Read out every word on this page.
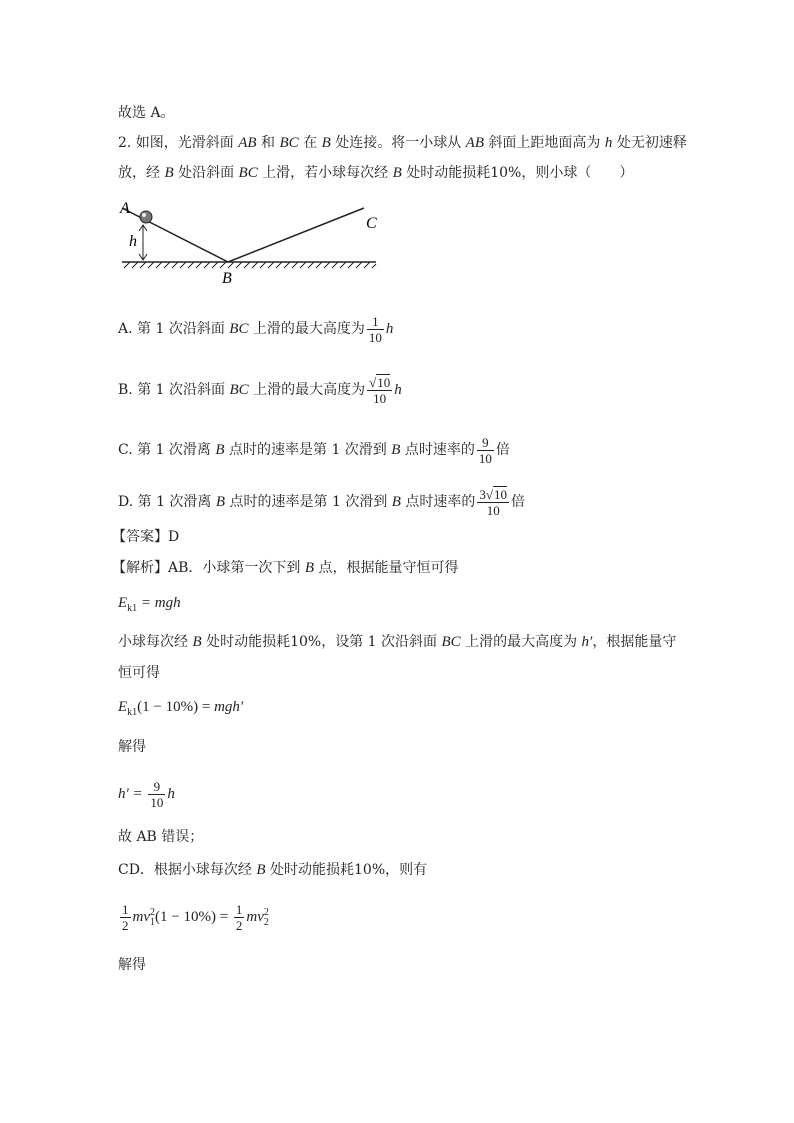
故选 A。
2. 如图，光滑斜面 AB 和 BC 在 B 处连接。将一小球从 AB 斜面上距地面高为 h 处无初速释
放，经 B 处沿斜面 BC 上滑，若小球每次经 B 处时动能损耗10%，则小球（　　）
A
h
B
C
A. 第 1 次沿斜面 BC 上滑的最大高度为 $\frac{1}{10}$ h
B. 第 1 次沿斜面 BC 上滑的最大高度为 $\frac{√10}{10}$ h
C. 第 1 次滑离 B 点时的速率是第 1 次滑到 B 点时速率的 $\frac{9}{10}$ 倍
D. 第 1 次滑离 B 点时的速率是第 1 次滑到 B 点时速率的 $\frac{3√10}{10}$ 倍
【答案】D
【解析】AB．小球第一次下到 B 点，根据能量守恒可得
$E_{k1}$ = mgh
小球每次经 B 处时动能损耗10%，设第 1 次沿斜面 BC 上滑的最大高度为 h′，根据能量守
恒可得
$E_{k1}(1 - 10\%) = mgh'$
解得
$h' = \frac{9}{10}$ h
故 AB 错误；
CD．根据小球每次经 B 处时动能损耗10%，则有
$\frac{1}{2}$ mv 2
1 $(1 - 10\%) = \frac{1}{2}$ mv 2
2
解得
